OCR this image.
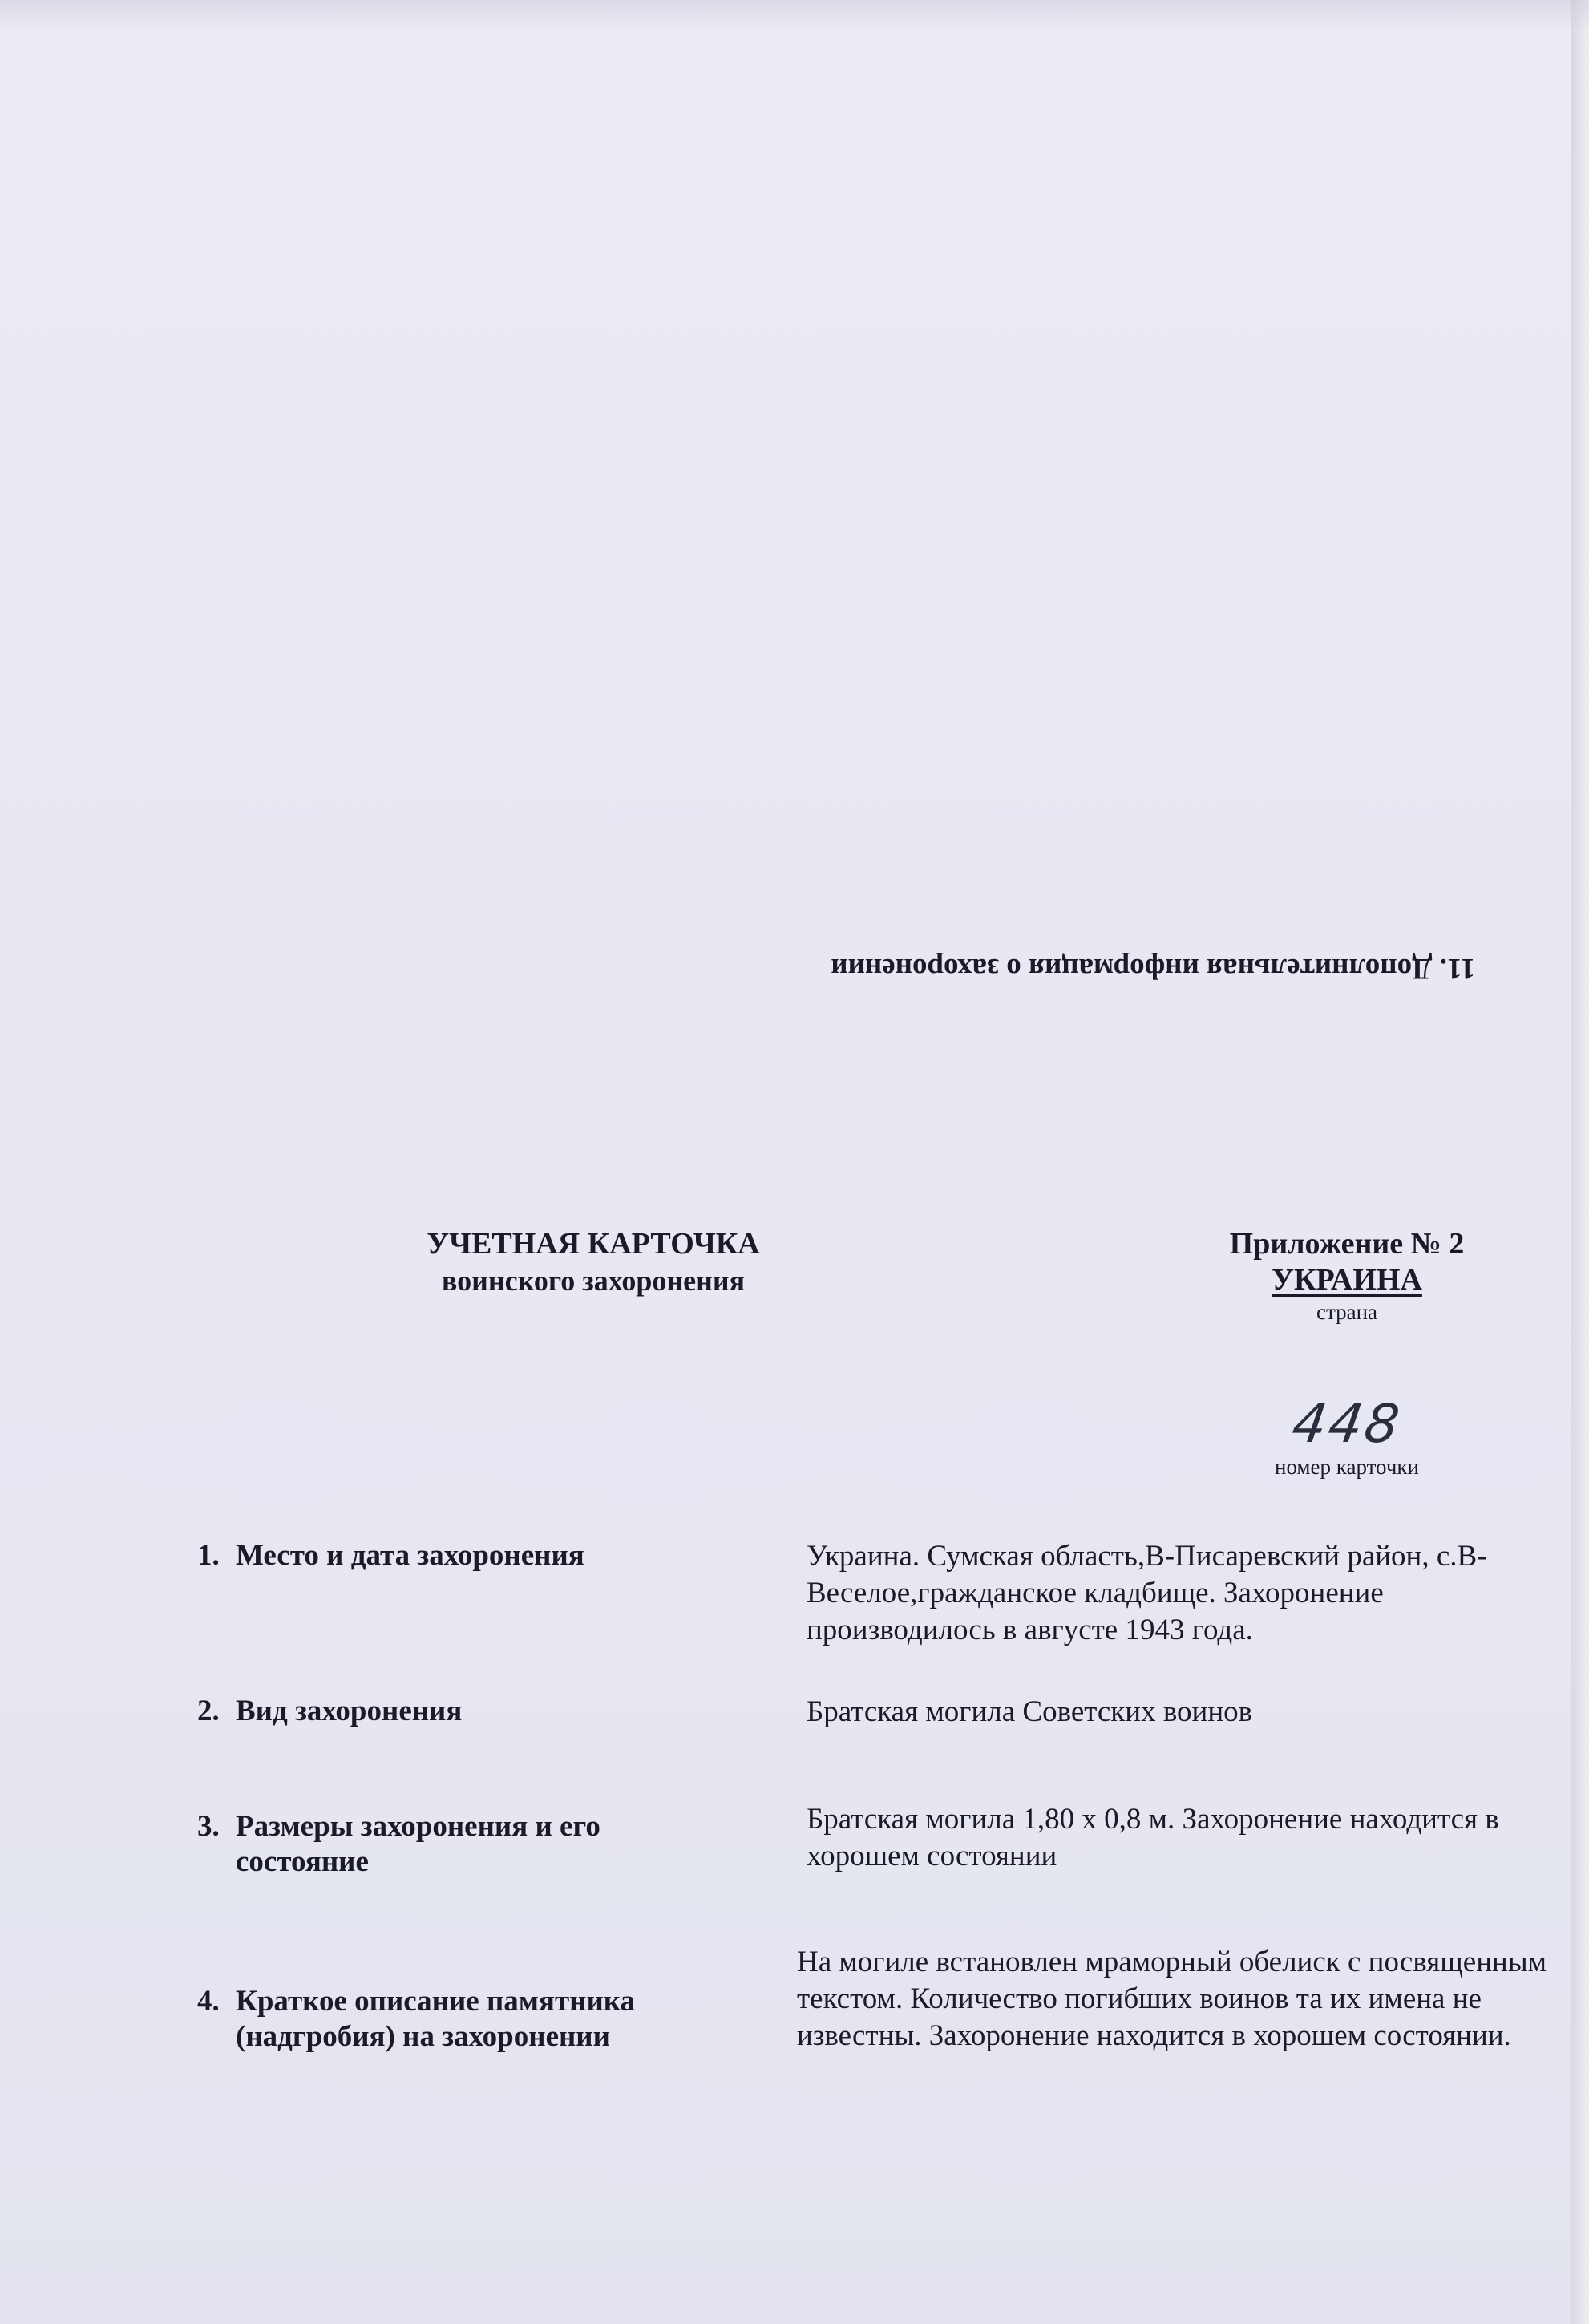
11. Дополнительная информация о захоронении
УЧЕТНАЯ КАРТОЧКА
воинского захоронения
Приложение № 2
УКРАИНА
страна
448
номер карточки
1. Место и дата захоронения	Украина. Сумская область,В-Писаревский район, с.В-Веселое,гражданское кладбище. Захоронение производилось в августе 1943 года.
2. Вид захоронения	Братская могила Советских воинов
3. Размеры захоронения и его
состояние
Братская могила 1,80 х 0,8 м. Захоронение находится в хорошем состоянии
4. Краткое описание памятника
(надгробия) на захоронении
На могиле встановлен мраморный обелиск с посвященным текстом. Количество погибших воинов та их имена не известны. Захоронение находится в хорошем состоянии.
